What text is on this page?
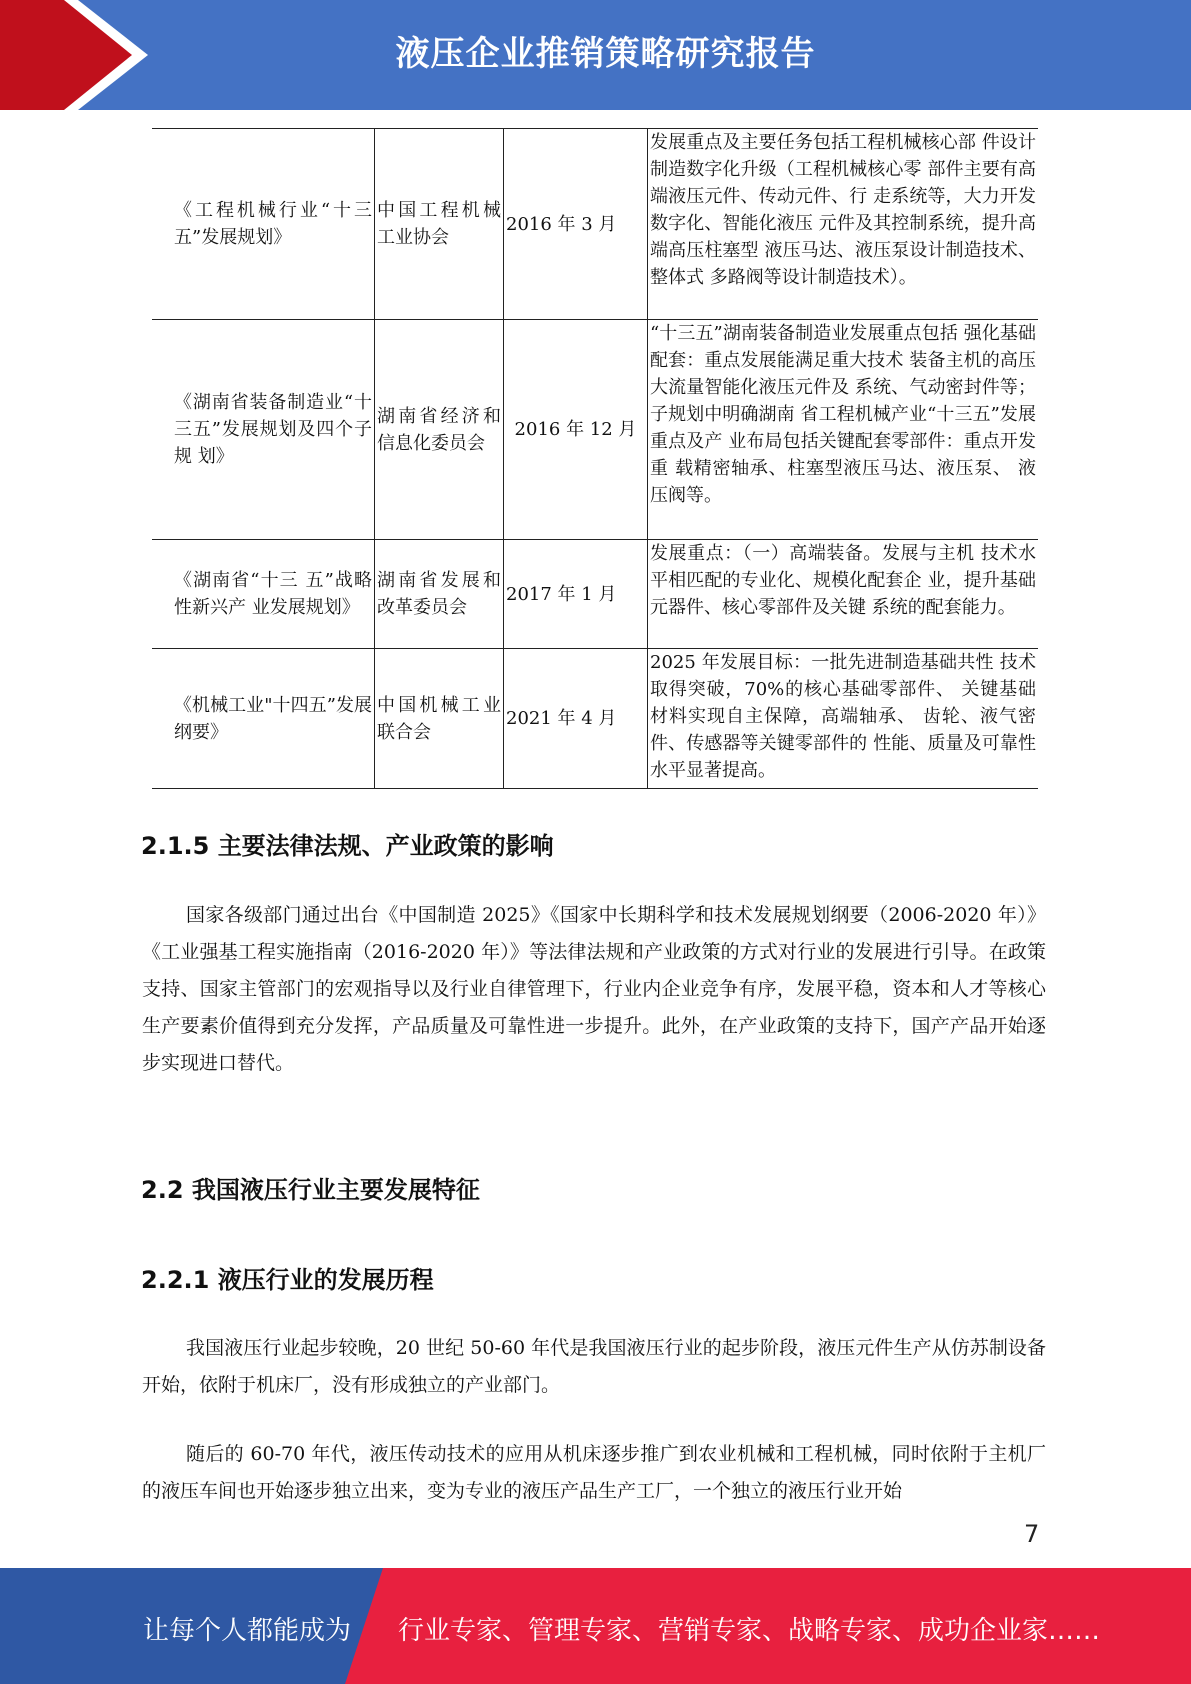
液压企业推销策略研究报告
《工程机械行业“十三五”发展规划》	中国工程机械工业协会	2016 年 3 月	发展重点及主要任务包括工程机械核心部 件设计制造数字化升级（工程机械核心零 部件主要有高端液压元件、传动元件、行 走系统等，大力开发数字化、智能化液压 元件及其控制系统，提升高端高压柱塞型 液压马达、液压泵设计制造技术、整体式 多路阀等设计制造技术）。
《湖南省装备制造业“十三五”发展规划及四个子规 划》	湖南省经济和信息化委员会	2016 年 12 月	“十三五”湖南装备制造业发展重点包括 强化基础配套：重点发展能满足重大技术 装备主机的高压大流量智能化液压元件及 系统、气动密封件等；子规划中明确湖南 省工程机械产业“十三五”发展重点及产 业布局包括关键配套零部件：重点开发重 载精密轴承、柱塞型液压马达、液压泵、 液压阀等。
《湖南省“十三 五”战略性新兴产 业发展规划》	湖南省发展和改革委员会	2017 年 1 月	发展重点：（一）高端装备。发展与主机 技术水平相匹配的专业化、规模化配套企 业，提升基础元器件、核心零部件及关键 系统的配套能力。
《机械工业"十四五”发展纲要》	中国机械工业联合会	2021 年 4 月	2025 年发展目标：一批先进制造基础共性 技术取得突破，70%的核心基础零部件、 关键基础材料实现自主保障，高端轴承、 齿轮、液气密件、传感器等关键零部件的 性能、质量及可靠性水平显著提高。
2.1.5 主要法律法规、产业政策的影响

国家各级部门通过出台《中国制造 2025》《国家中长期科学和技术发展规划纲要（2006-2020 年）》《工业强基工程实施指南（2016-2020 年）》等法律法规和产业政策的方式对行业的发展进行引导。在政策支持、国家主管部门的宏观指导以及行业自律管理下，行业内企业竞争有序，发展平稳，资本和人才等核心生产要素价值得到充分发挥，产品质量及可靠性进一步提升。此外，在产业政策的支持下，国产产品开始逐步实现进口替代。

2.2 我国液压行业主要发展特征
2.2.1 液压行业的发展历程

我国液压行业起步较晚，20 世纪 50-60 年代是我国液压行业的起步阶段，液压元件生产从仿苏制设备开始，依附于机床厂，没有形成独立的产业部门。

随后的 60-70 年代，液压传动技术的应用从机床逐步推广到农业机械和工程机械，同时依附于主机厂的液压车间也开始逐步独立出来，变为专业的液压产品生产工厂，一个独立的液压行业开始

7
让每个人都能成为 行业专家、管理专家、营销专家、战略专家、成功企业家……
